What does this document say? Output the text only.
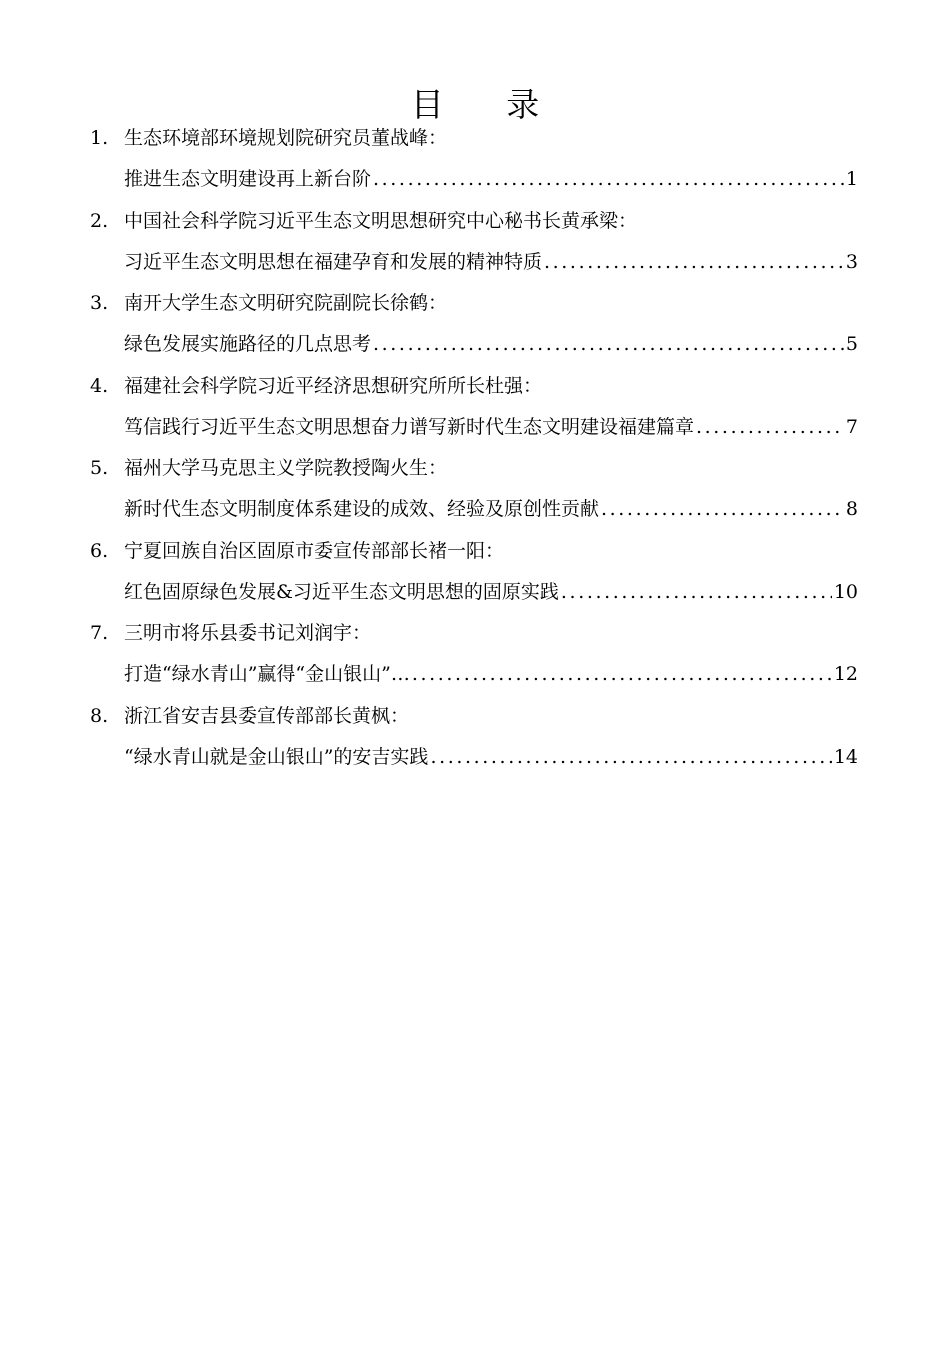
目 录
1. 生态环境部环境规划院研究员董战峰：
推进生态文明建设再上新台阶 .....	1
2. 中国社会科学院习近平生态文明思想研究中心秘书长黄承梁：
习近平生态文明思想在福建孕育和发展的精神特质 .....	3
3. 南开大学生态文明研究院副院长徐鹤：
绿色发展实施路径的几点思考 .....	5
4. 福建社会科学院习近平经济思想研究所所长杜强：
笃信践行习近平生态文明思想奋力谱写新时代生态文明建设福建篇章 .....	7
5. 福州大学马克思主义学院教授陶火生：
新时代生态文明制度体系建设的成效、经验及原创性贡献 .....	8
6. 宁夏回族自治区固原市委宣传部部长褚一阳：
红色固原绿色发展&习近平生态文明思想的固原实践 .....	10
7. 三明市将乐县委书记刘润宇：
打造“绿水青山”赢得“金山银山”… .....	12
8. 浙江省安吉县委宣传部部长黄枫：
“绿水青山就是金山银山”的安吉实践 .....	14
